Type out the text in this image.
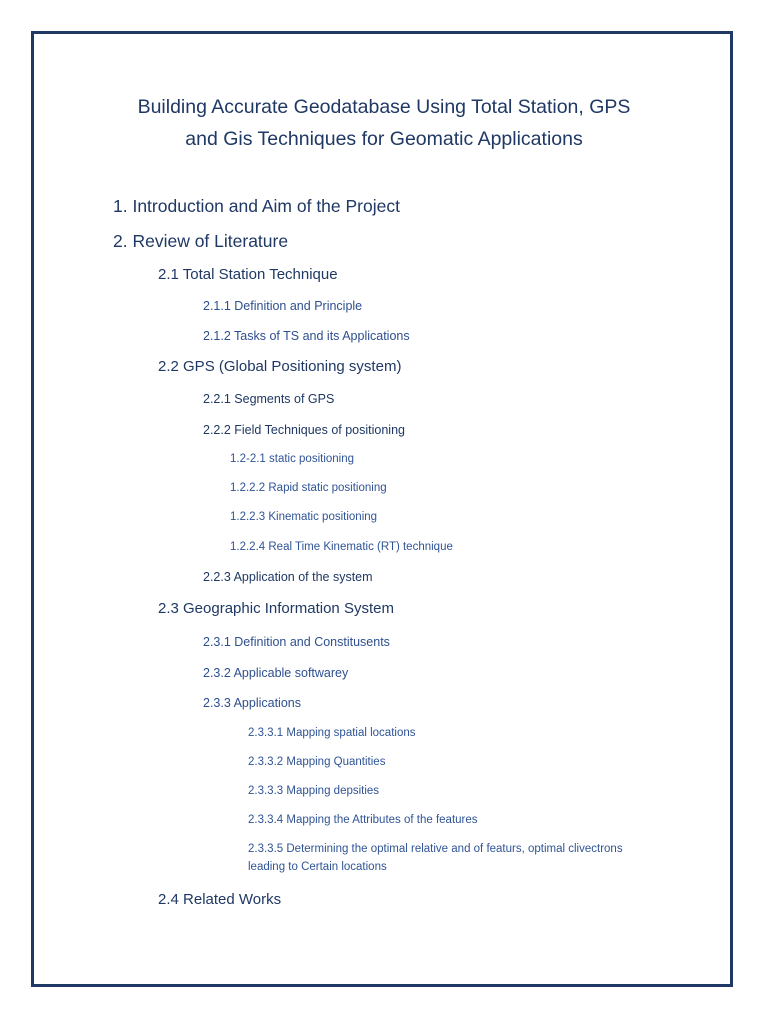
Building Accurate Geodatabase Using Total Station, GPS
and Gis Techniques for Geomatic Applications

1. Introduction and Aim of the Project

2. Review of Literature

2.1 Total Station Technique

2.1.1 Definition and Principle

2.1.2 Tasks of TS and its Applications

2.2 GPS (Global Positioning system)

2.2.1 Segments of GPS

2.2.2 Field Techniques of positioning

1.2-2.1 static positioning

1.2.2.2 Rapid static positioning

1.2.2.3 Kinematic positioning

1.2.2.4 Real Time Kinematic (RT) technique

2.2.3 Application of the system

2.3 Geographic Information System

2.3.1 Definition and Constitusents

2.3.2 Applicable softwarey

2.3.3 Applications

2.3.3.1 Mapping spatial locations

2.3.3.2 Mapping Quantities

2.3.3.3 Mapping depsities

2.3.3.4 Mapping the Attributes of the features

2.3.3.5 Determining the optimal relative and of featurs, optimal clivectrons leading to Certain locations

2.4 Related Works
